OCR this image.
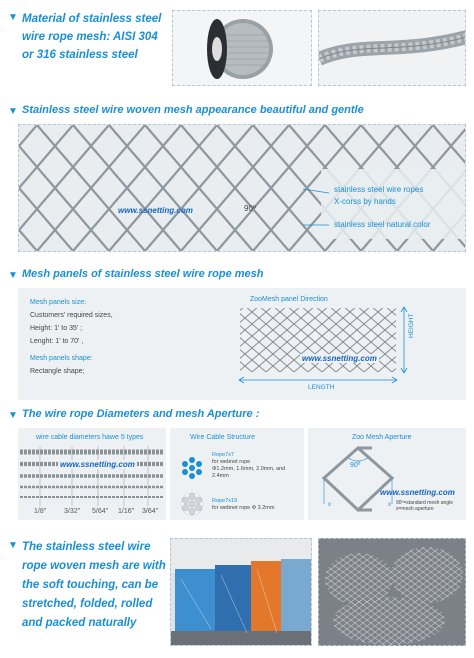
▼ Material of stainless steel
wire rope mesh: AISI 304
or 316 stainless steel
▼ Stainless steel wire woven mesh appearance beautiful and gentle
www.ssnetting.com	90º
stainless steel wire ropes
X-corss by hands
stainless steel natural color
▼ Mesh panels of stainless steel wire rope mesh
Mesh panels size:
Customers' required sizes,
Height: 1' to 35' ;
Lenght: 1' to 70' ,
Mesh panels shape:
Rectangle shape;
ZooMesh panel Direction
HEIGHT
LENGTH
www.ssnetting.com
▼ The wire rope Diameters and mesh Aperture :
wire cable diameters hawe 5 types
www.ssnetting.com
1/8"	3/32" 5/64" 1/16" 3/64"
Wire Cable Structure
Rope7x7
for webnet rope
Φ1.2mm, 1.6mm, 2.0mm, and
2.4mm
Rope7x19
for webnet rope Φ 3.2mm
Zoo Mesh Aperture
90º
x	x
www.ssnetting.com
90º=standard mesh angle
x=mesh aperture
▼ The stainless steel wire
rope woven mesh are with
the soft touching, can be
stretched, folded, rolled
and packed naturally
